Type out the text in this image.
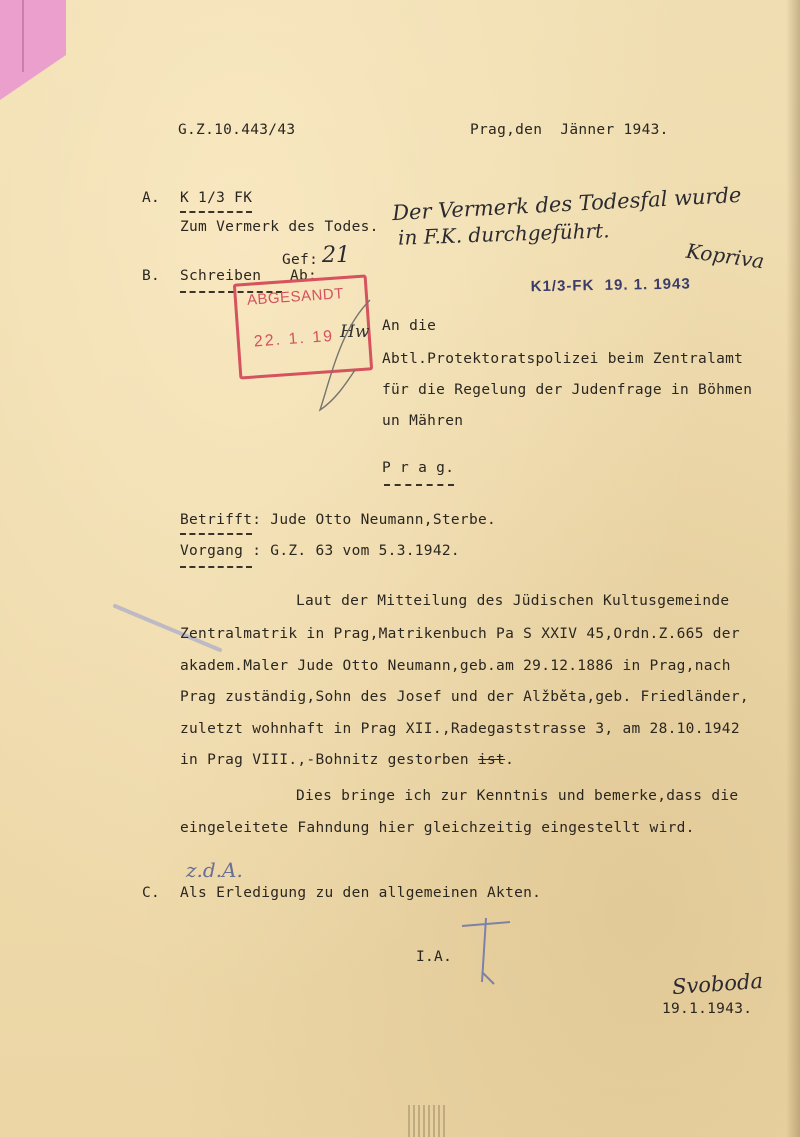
G.Z.10.443/43	Prag,den  Jänner 1943.
A. K 1/3 FK
Zum Vermerk des Todes.
Der Vermerk des Todesfal wurde
in F.K. durchgeführt.
Kopriva
Gef: 21
B. Schreiben Ab:

K1/3-FK 19. 1. 1943

ABGESANDT
22. 1. 19 Hw An die
Abtl.Protektoratspolizei beim Zentralamt
für die Regelung der Judenfrage in Böhmen
un Mähren
P r a g.
Betrifft: Jude Otto Neumann,Sterbe.
Vorgang : G.Z. 63 vom 5.3.1942.
Laut der Mitteilung des Jüdischen Kultusgemeinde
Zentralmatrik in Prag,Matrikenbuch Pa S XXIV 45,Ordn.Z.665 der
akadem.Maler Jude Otto Neumann,geb.am 29.12.1886 in Prag,nach
Prag zuständig,Sohn des Josef und der Alžběta,geb. Friedländer,
zuletzt wohnhaft in Prag XII.,Radegaststrasse 3, am 28.10.1942
in Prag VIII.,-Bohnitz gestorben ist.
Dies bringe ich zur Kenntnis und bemerke,dass die
eingeleitete Fahndung hier gleichzeitig eingestellt wird.
z.d.A.
C. Als Erledigung zu den allgemeinen Akten.
I.A.
Svoboda
19.1.1943.
